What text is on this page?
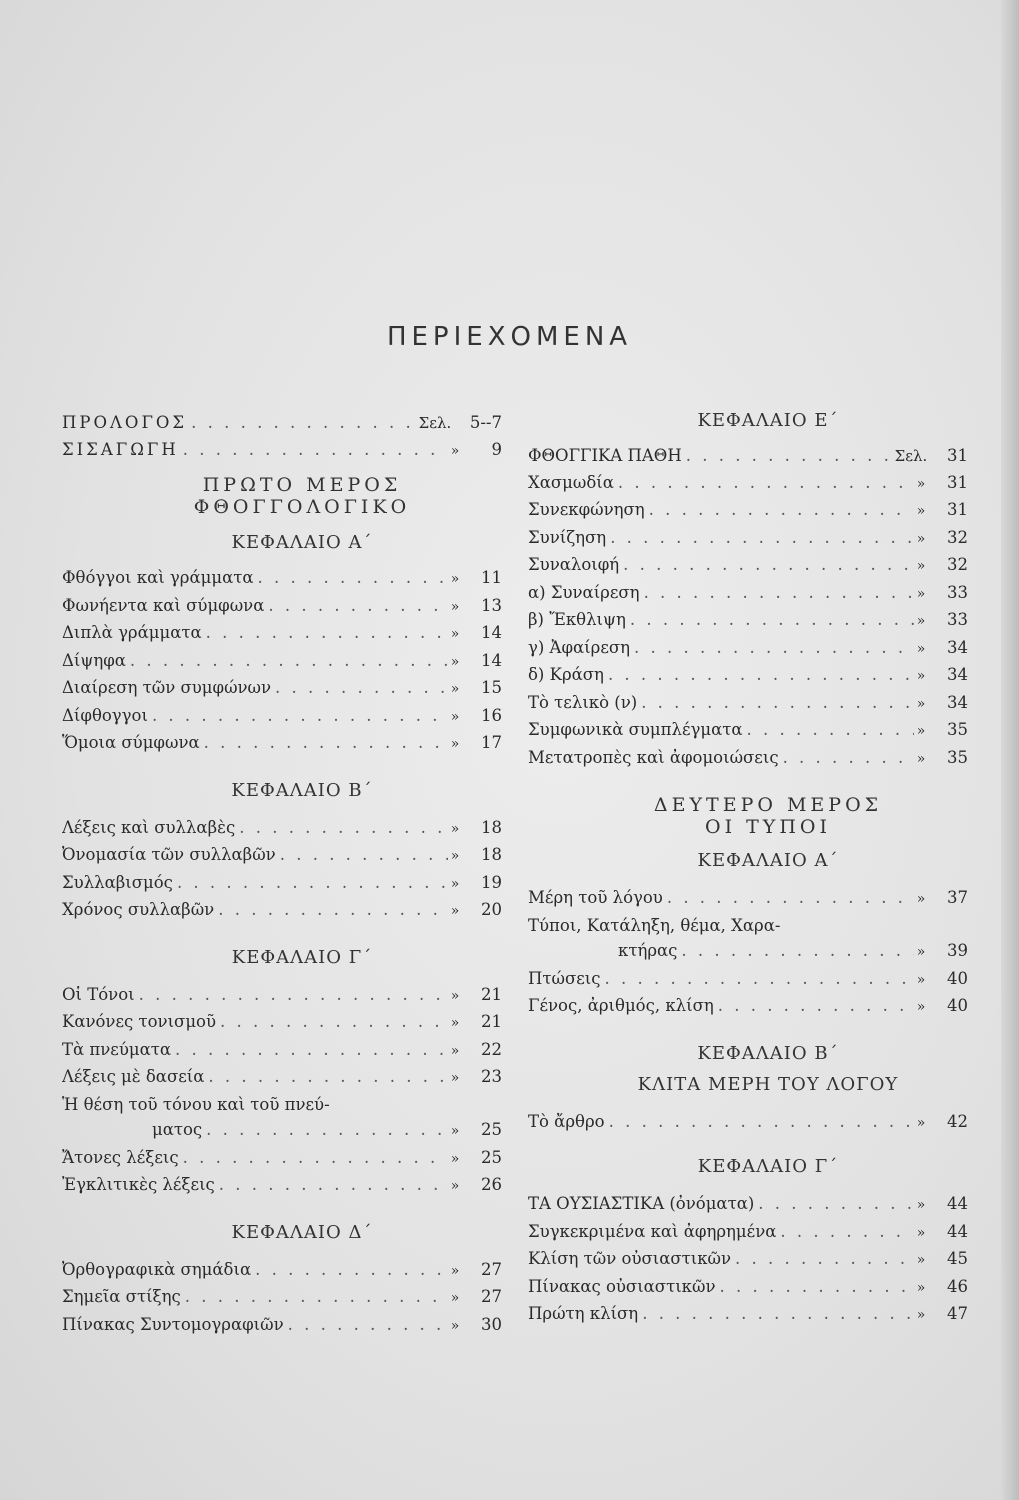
ΠΕΡΙΕΧΟΜΕΝΑ
ΠΡΟΛΟΓΟΣ . . .	Σελ.	5--7
ΣΙΣΑΓΩΓΗ . . .	»	9
ΠΡΩΤΟ ΜΕΡΟΣ
ΦΘΟΓΓΟΛΟΓΙΚΟ
ΚΕΦΑΛΑΙΟ Α΄
Φθόγγοι καὶ γράμματα . . .	»	11
Φωνήεντα καὶ σύμφωνα . . .	»	13
Διπλὰ γράμματα . . .	»	14
Δίψηφα . . .	»	14
Διαίρεση τῶν συμφώνων . . .	»	15
Δίφθογγοι . . .	»	16
Ὅμοια σύμφωνα . . .	»	17
ΚΕΦΑΛΑΙΟ Β΄
Λέξεις καὶ συλλαβὲς . . .	»	18
Ὀνομασία τῶν συλλαβῶν . . .	»	18
Συλλαβισμός . . .	»	19
Χρόνος συλλαβῶν . . .	»	20
ΚΕΦΑΛΑΙΟ Γ΄
Οἱ Τόνοι . . .	»	21
Κανόνες τονισμοῦ . . .	»	21
Τὰ πνεύματα . . .	»	22
Λέξεις μὲ δασεία . . .	»	23
Ἡ θέση τοῦ τόνου καὶ τοῦ πνεύ-
ματος . . .	»	25
Ἄτονες λέξεις . . .	»	25
Ἐγκλιτικὲς λέξεις . . .	»	26
ΚΕΦΑΛΑΙΟ Δ΄
Ὀρθογραφικὰ σημάδια . . .	»	27
Σημεῖα στίξης . . .	»	27
Πίνακας Συντομογραφιῶν . . .	»	30
ΚΕΦΑΛΑΙΟ Ε΄
ΦΘΟΓΓΙΚΑ ΠΑΘΗ . . .	Σελ.	31
Χασμωδία . . .	»	31
Συνεκφώνηση . . .	»	31
Συνίζηση . . .	»	32
Συναλοιφή . . .	»	32
α) Συναίρεση . . .	»	33
β) Ἔκθλιψη . . .	»	33
γ) Ἀφαίρεση . . .	»	34
δ) Κράση . . .	»	34
Τὸ τελικὸ (ν) . . .	»	34
Συμφωνικὰ συμπλέγματα . . .	»	35
Μετατροπὲς καὶ ἀφομοιώσεις . . .	»	35
ΔΕΥΤΕΡΟ ΜΕΡΟΣ
ΟΙ ΤΥΠΟΙ
ΚΕΦΑΛΑΙΟ Α΄
Μέρη τοῦ λόγου . . .	»	37
Τύποι, Κατάληξη, θέμα, Χαρα-
κτήρας . . .	»	39
Πτώσεις . . .	»	40
Γένος, ἀριθμός, κλίση . . .	»	40
ΚΕΦΑΛΑΙΟ Β΄
ΚΛΙΤΑ ΜΕΡΗ ΤΟΥ ΛΟΓΟΥ
Τὸ ἄρθρο . . .	»	42
ΚΕΦΑΛΑΙΟ Γ΄
ΤΑ ΟΥΣΙΑΣΤΙΚΑ (ὀνόματα) . . .	»	44
Συγκεκριμένα καὶ ἀφηρημένα . . .	»	44
Κλίση τῶν οὐσιαστικῶν . . .	»	45
Πίνακας οὐσιαστικῶν . . .	»	46
Πρώτη κλίση . . .	»	47
